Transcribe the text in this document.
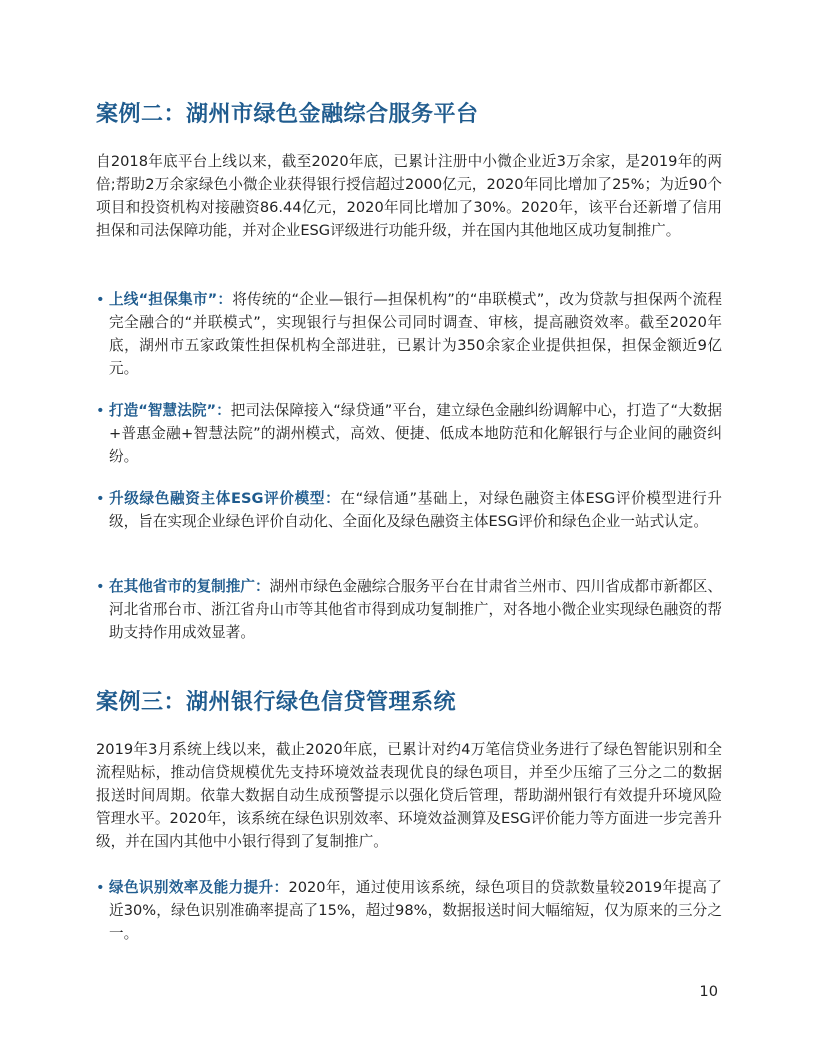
案例二：湖州市绿色金融综合服务平台

自2018年底平台上线以来，截至2020年底，已累计注册中小微企业近3万余家，是2019年的两倍;帮助2万余家绿色小微企业获得银行授信超过2000亿元，2020年同比增加了25%；为近90个项目和投资机构对接融资86.44亿元，2020年同比增加了30%。2020年，该平台还新增了信用担保和司法保障功能，并对企业ESG评级进行功能升级，并在国内其他地区成功复制推广。

• 上线“担保集市”：将传统的“企业—银行—担保机构”的“串联模式”，改为贷款与担保两个流程完全融合的“并联模式”，实现银行与担保公司同时调查、审核，提高融资效率。截至2020年底，湖州市五家政策性担保机构全部进驻，已累计为350余家企业提供担保，担保金额近9亿元。

• 打造“智慧法院”：把司法保障接入“绿贷通”平台，建立绿色金融纠纷调解中心，打造了“大数据+普惠金融+智慧法院”的湖州模式，高效、便捷、低成本地防范和化解银行与企业间的融资纠纷。

• 升级绿色融资主体ESG评价模型：在“绿信通”基础上，对绿色融资主体ESG评价模型进行升级，旨在实现企业绿色评价自动化、全面化及绿色融资主体ESG评价和绿色企业一站式认定。

• 在其他省市的复制推广：湖州市绿色金融综合服务平台在甘肃省兰州市、四川省成都市新都区、河北省邢台市、浙江省舟山市等其他省市得到成功复制推广，对各地小微企业实现绿色融资的帮助支持作用成效显著。

案例三：湖州银行绿色信贷管理系统

2019年3月系统上线以来，截止2020年底，已累计对约4万笔信贷业务进行了绿色智能识别和全流程贴标，推动信贷规模优先支持环境效益表现优良的绿色项目，并至少压缩了三分之二的数据报送时间周期。依靠大数据自动生成预警提示以强化贷后管理，帮助湖州银行有效提升环境风险管理水平。2020年，该系统在绿色识别效率、环境效益测算及ESG评价能力等方面进一步完善升级，并在国内其他中小银行得到了复制推广。

• 绿色识别效率及能力提升：2020年，通过使用该系统，绿色项目的贷款数量较2019年提高了近30%，绿色识别准确率提高了15%，超过98%，数据报送时间大幅缩短，仅为原来的三分之一。

10
